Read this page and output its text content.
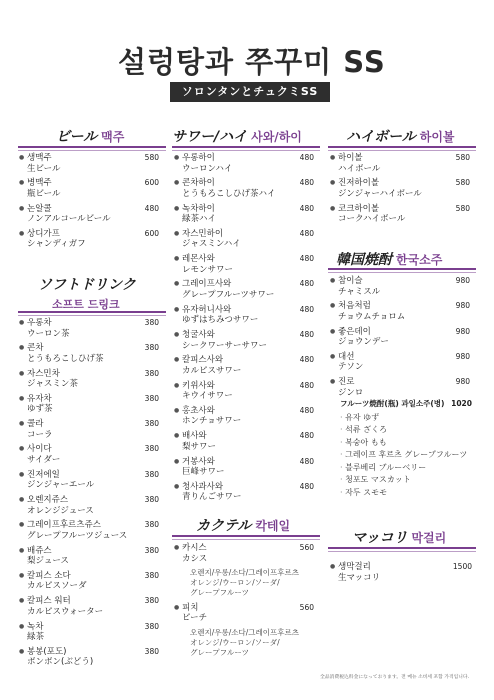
설렁탕과 쭈꾸미 SS
ソロンタンとチュクミSS
ビール 맥주
● 생맥주
生ビール
580
● 병맥주
瓶ビール
600
● 논알콜
ノンアルコールビール
480
● 상디가프
シャンディガフ
600
ソフトドリンク
소프트 드링크
● 우롱차
ウーロン茶
380
● 콘차
とうもろこしひげ茶
380
● 자스민차
ジャスミン茶
380
● 유자차
ゆず茶
380
● 콜라
コーラ
380
● 사이다
サイダー
380
● 진저에일
ジンジャーエール
380
● 오렌지쥬스
オレンジジュース
380
● 그레이프후르츠쥬스
グレープフルーツジュース
380
● 배쥬스
梨ジュース
380
● 칼피스 소다
カルピスソーダ
380
● 칼피스 워터
カルピスウォーター
380
● 녹차
緑茶
380
● 봉봉(포도)
ボンボン(ぶどう)
380
サワー/ハイ 사와/하이
● 우롱하이
ウーロンハイ
480
● 콘차하이
とうもろこしひげ茶ハイ
480
● 녹차하이
緑茶ハイ
480
● 자스민하이
ジャスミンハイ
480
● 레몬사와
レモンサワー
480
● 그레이프사와
グレープフルーツサワー
480
● 유자허니사와
ゆずはちみつサワー
480
● 청굴사와
シークワーサーサワー
480
● 칼피스사와
カルピスサワー
480
● 키위사와
キウイサワー
480
● 홍초사와
ホンチョサワー
480
● 배사와
梨サワー
480
● 거봉사와
巨峰サワー
480
● 청사과사와
青りんごサワー
480
カクテル 칵테일
● 카시스
カシス
560
오렌지/우롱/소다/그레이프후르츠
オレンジ/ウーロン/ソーダ/
グレープフルーツ
● 피치
ピーチ
560
오렌지/우롱/소다/그레이프후르츠
オレンジ/ウーロン/ソーダ/
グレープフルーツ
ハイボール 하이볼
● 하이볼
ハイボール
580
● 진저하이볼
ジンジャーハイボール
580
● 코크하이볼
コークハイボール
580
韓国焼酎 한국소주
● 참이슬
チャミスル
980
● 처음처럼
チョウムチョロム
980
● 좋은데이
ジョウンデー
980
● 대선
テソン
980
● 진로
ジンロ
980
フルーツ焼酎(瓶) 과일소주(병) 1020
· 유자 ゆず
· 석류 ざくろ
· 복숭아 もも
· 그레이프 후르츠 グレープフルーツ
· 블루베리 ブルーベリー
· 청포도 マスカット
· 자두 スモモ
マッコリ 막걸리
● 생막걸리
生マッコリ
1500
全品消費税込料金になっております。전 메뉴 소비세 포함 가격입니다.
